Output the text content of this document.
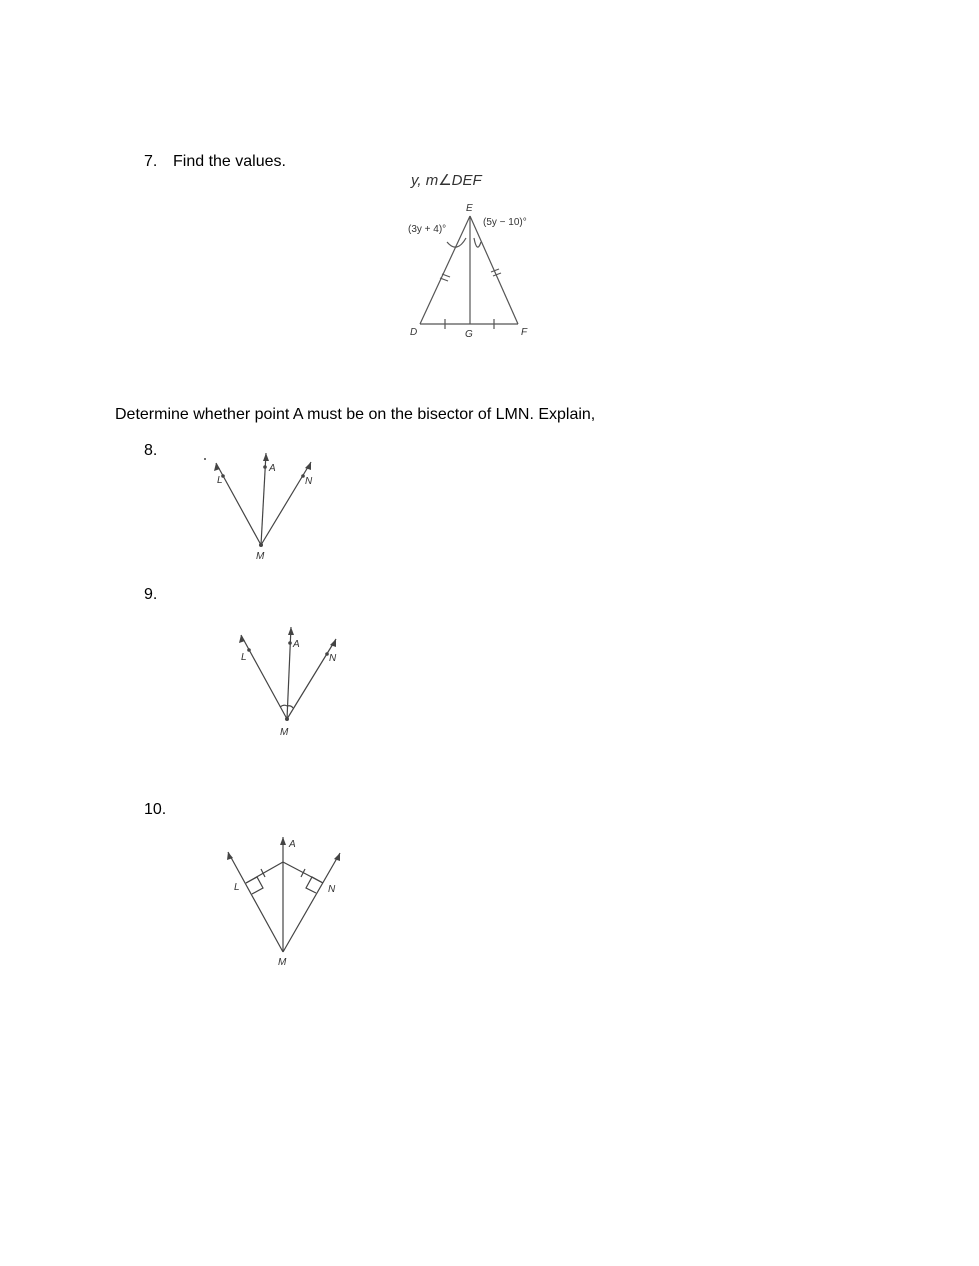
7. Find the values.
y, m∠DEF
E
D	F
G
(3y + 4)°
(5y − 10)°
Determine whether point A must be on the bisector of LMN. Explain,
8.
L
A
N
M
9.
L
A
N
M
10.
L
A
N
M
